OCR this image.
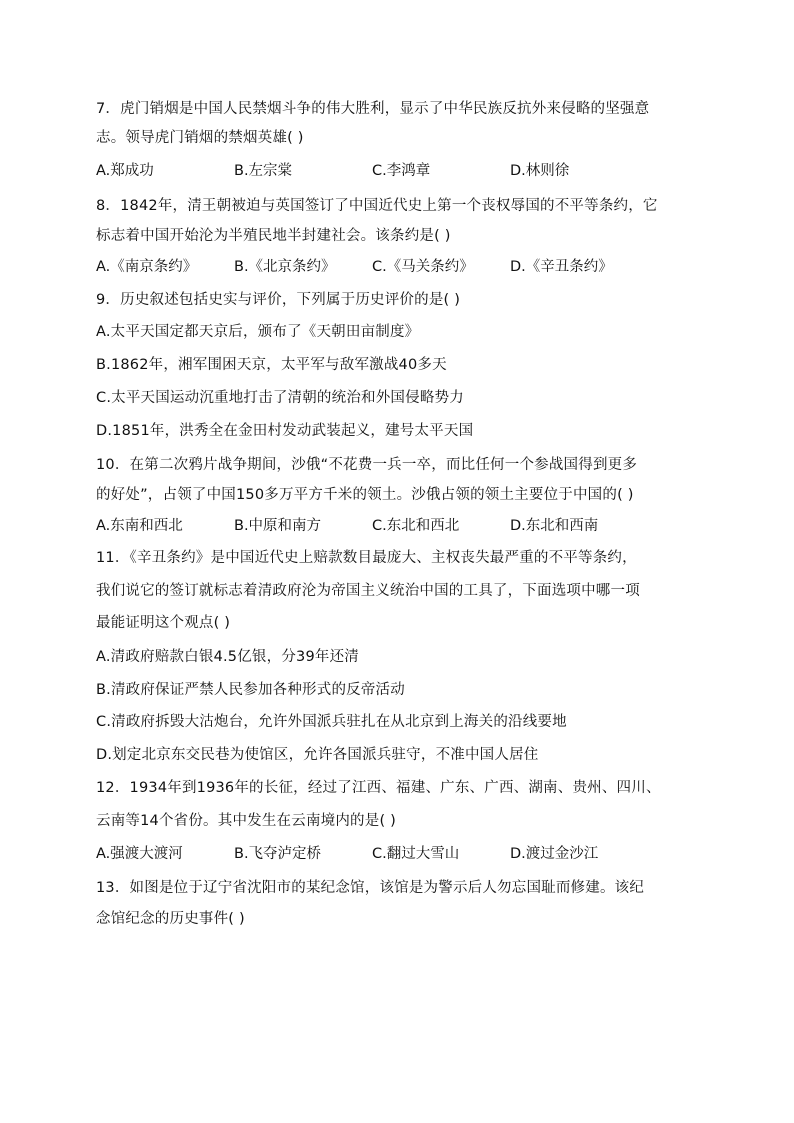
7．虎门销烟是中国人民禁烟斗争的伟大胜利，显示了中华民族反抗外来侵略的坚强意
志。领导虎门销烟的禁烟英雄( )
A.郑成功	B.左宗棠	C.李鸿章	D.林则徐
8．1842年，清王朝被迫与英国签订了中国近代史上第一个丧权辱国的不平等条约，它
标志着中国开始沦为半殖民地半封建社会。该条约是( )
A.《南京条约》	B.《北京条约》	C.《马关条约》	D.《辛丑条约》
9．历史叙述包括史实与评价，下列属于历史评价的是( )
A.太平天国定都天京后，颁布了《天朝田亩制度》
B.1862年，湘军围困天京，太平军与敌军激战40多天
C.太平天国运动沉重地打击了清朝的统治和外国侵略势力
D.1851年，洪秀全在金田村发动武装起义，建号太平天国
10．在第二次鸦片战争期间，沙俄“不花费一兵一卒，而比任何一个参战国得到更多
的好处”，占领了中国150多万平方千米的领土。沙俄占领的领土主要位于中国的( )
A.东南和西北	B.中原和南方	C.东北和西北	D.东北和西南
11．《辛丑条约》是中国近代史上赔款数目最庞大、主权丧失最严重的不平等条约，
我们说它的签订就标志着清政府沦为帝国主义统治中国的工具了，下面选项中哪一项
最能证明这个观点( )
A.清政府赔款白银4.5亿银，分39年还清
B.清政府保证严禁人民参加各种形式的反帝活动
C.清政府拆毁大沽炮台，允许外国派兵驻扎在从北京到上海关的沿线要地
D.划定北京东交民巷为使馆区，允许各国派兵驻守，不准中国人居住
12．1934年到1936年的长征，经过了江西、福建、广东、广西、湖南、贵州、四川、
云南等14个省份。其中发生在云南境内的是( )
A.强渡大渡河	B.飞夺泸定桥	C.翻过大雪山	D.渡过金沙江
13．如图是位于辽宁省沈阳市的某纪念馆，该馆是为警示后人勿忘国耻而修建。该纪
念馆纪念的历史事件( )
